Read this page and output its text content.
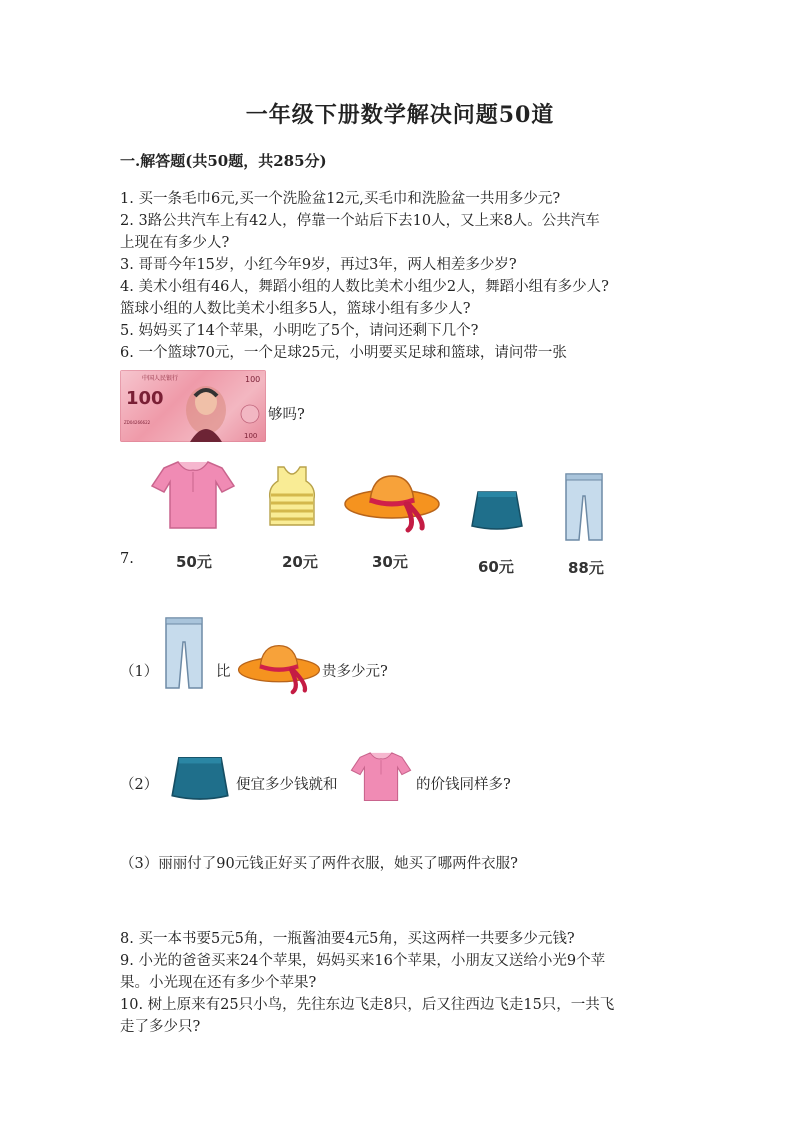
一年级下册数学解决问题50道
一.解答题(共50题，共285分)
1. 买一条毛巾6元,买一个洗脸盆12元,买毛巾和洗脸盆一共用多少元?
2. 3路公共汽车上有42人，停靠一个站后下去10人，又上来8人。公共汽车
上现在有多少人?
3. 哥哥今年15岁，小红今年9岁，再过3年，两人相差多少岁?
4. 美术小组有46人，舞蹈小组的人数比美术小组少2人，舞蹈小组有多少人?
篮球小组的人数比美术小组多5人，篮球小组有多少人?
5. 妈妈买了14个苹果，小明吃了5个，请问还剩下几个?
6. 一个篮球70元，一个足球25元，小明要买足球和篮球，请问带一张
中国人民银行
100
100
ZD04266622
100
够吗?
7.	50元	20元	30元	60元	88元
（1）	比	贵多少元?
（2）	便宜多少钱就和	的价钱同样多?
（3）丽丽付了90元钱正好买了两件衣服，她买了哪两件衣服?
8. 买一本书要5元5角，一瓶酱油要4元5角，买这两样一共要多少元钱?
9. 小光的爸爸买来24个苹果，妈妈买来16个苹果，小朋友又送给小光9个苹
果。小光现在还有多少个苹果?
10. 树上原来有25只小鸟，先往东边飞走8只，后又往西边飞走15只，一共飞
走了多少只?
